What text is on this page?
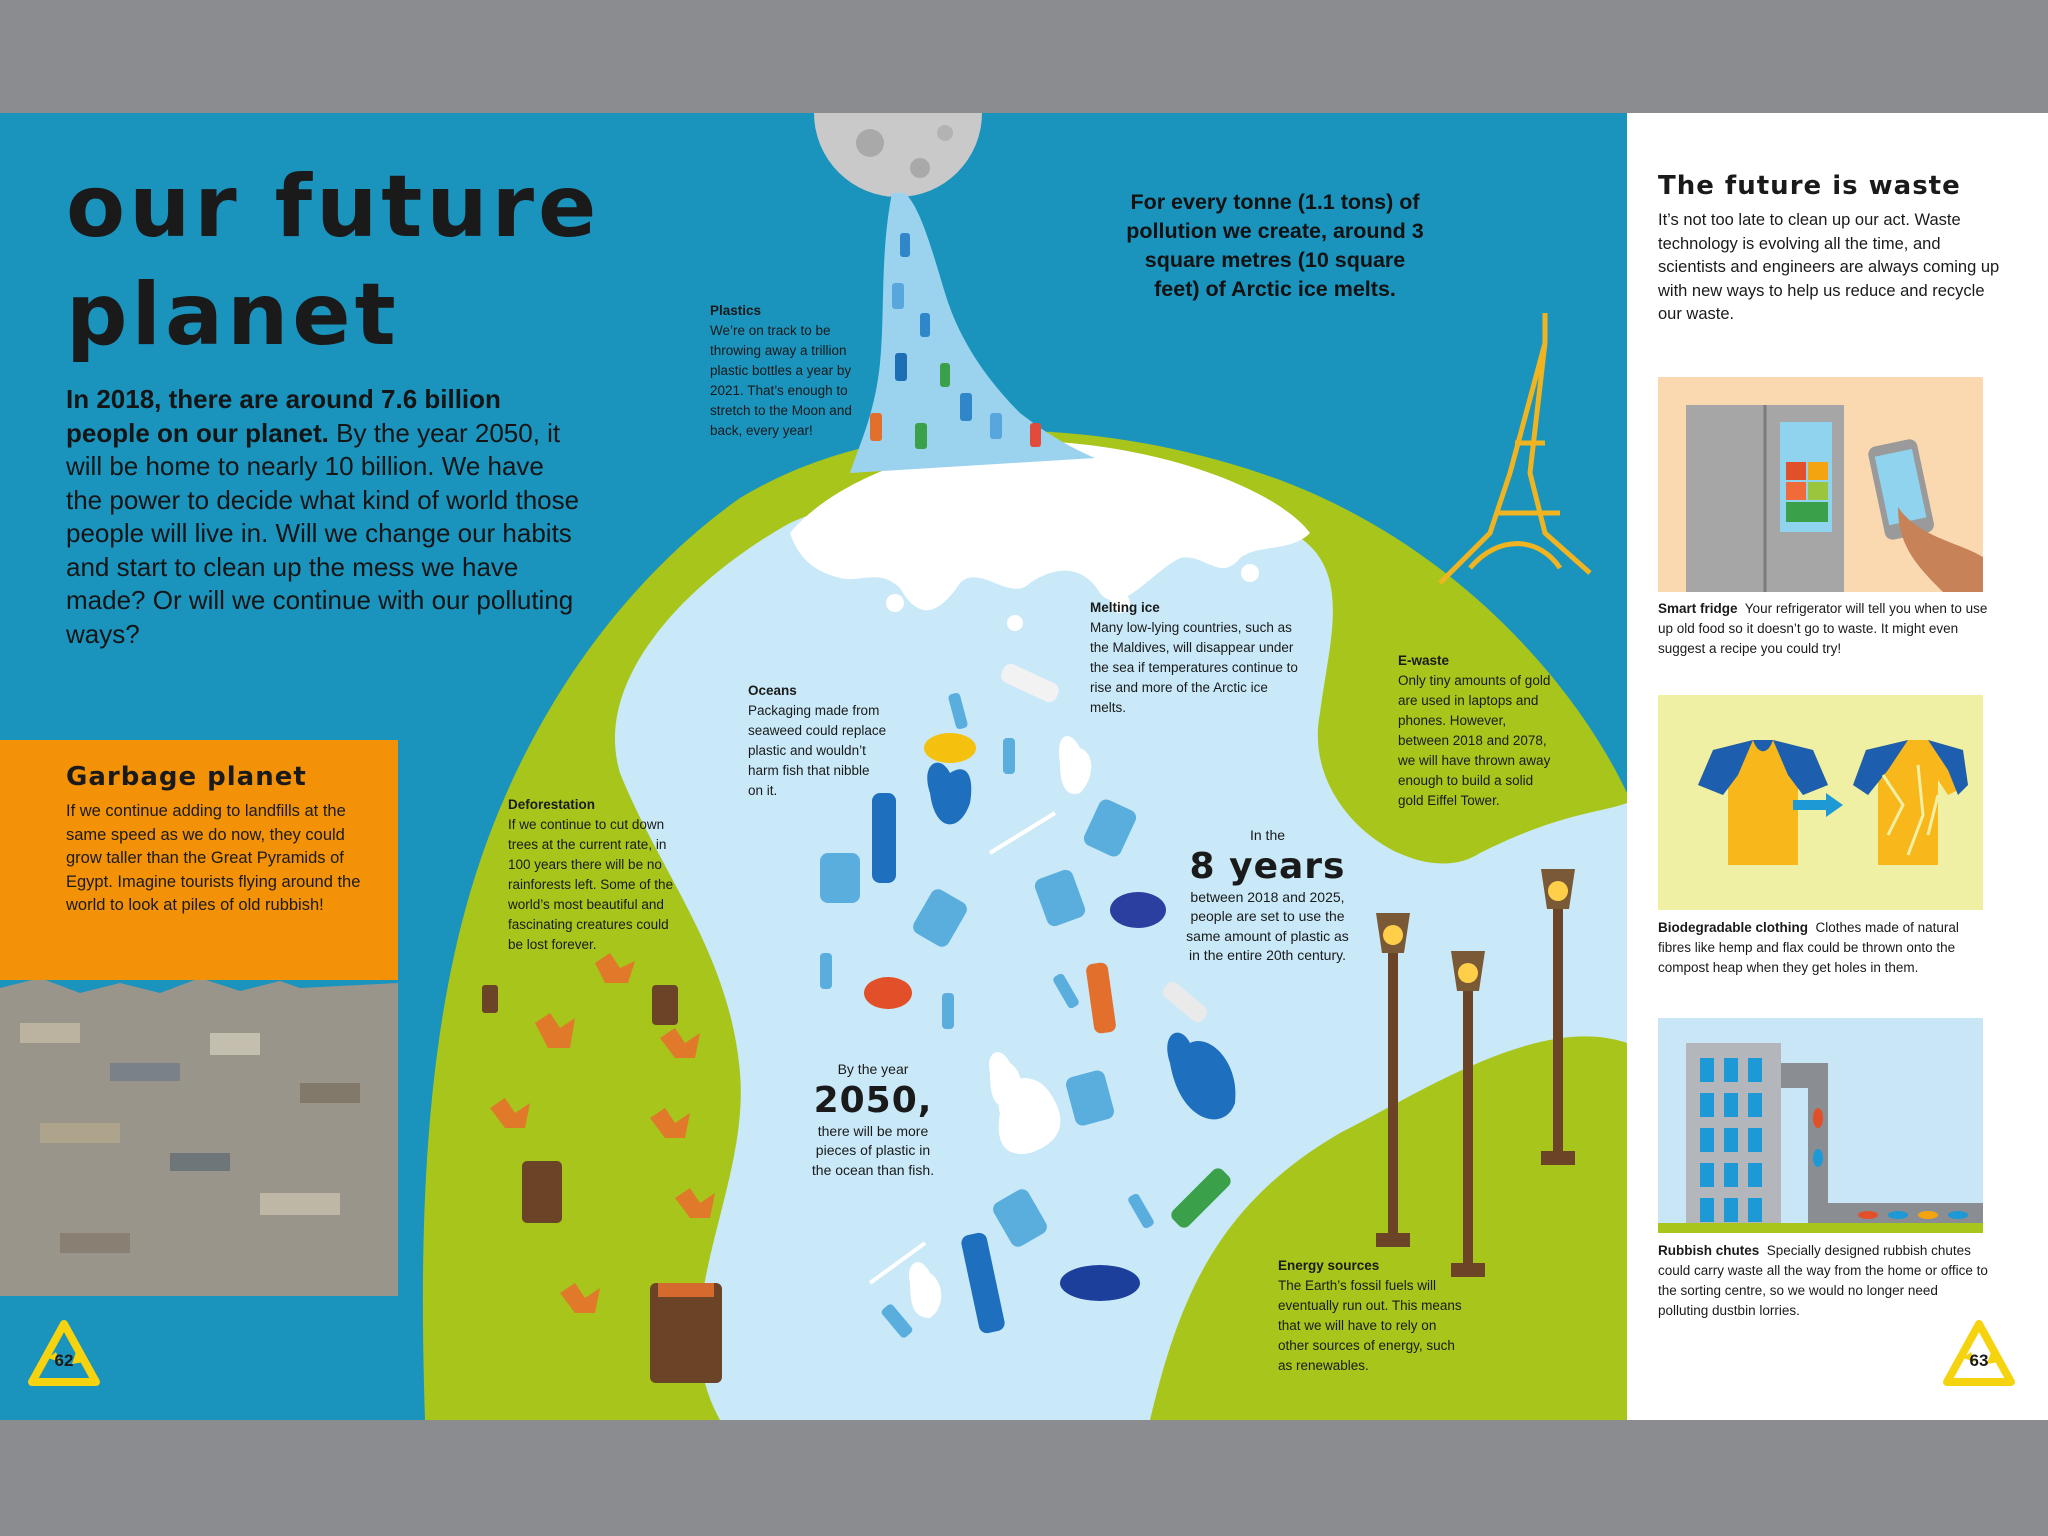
our future
planet
In 2018, there are around 7.6 billion people on our planet. By the year 2050, it will be home to nearly 10 billion. We have the power to decide what kind of world those people will live in. Will we change our habits and start to clean up the mess we have made? Or will we continue with our polluting ways?
Garbage planet
If we continue adding to landfills at the same speed as we do now, they could grow taller than the Great Pyramids of Egypt. Imagine tourists flying around the world to look at piles of old rubbish!
For every tonne (1.1 tons) of pollution we create, around 3 square metres (10 square feet) of Arctic ice melts.
Plastics
We’re on track to be throwing away a trillion plastic bottles a year by 2021. That’s enough to stretch to the Moon and back, every year!
Melting ice
Many low-lying countries, such as the Maldives, will disappear under the sea if temperatures continue to rise and more of the Arctic ice melts.
Oceans
Packaging made from seaweed could replace plastic and wouldn’t harm fish that nibble on it.
Deforestation
If we continue to cut down trees at the current rate, in 100 years there will be no rainforests left. Some of the world’s most beautiful and fascinating creatures could be lost forever.
E-waste
Only tiny amounts of gold are used in laptops and phones. However, between 2018 and 2078, we will have thrown away enough to build a solid gold Eiffel Tower.
Energy sources
The Earth’s fossil fuels will eventually run out. This means that we will have to rely on other sources of energy, such as renewables.
In the
8 years
between 2018 and 2025, people are set to use the same amount of plastic as in the entire 20th century.
By the year
2050,
there will be more pieces of plastic in the ocean than fish.
62
The future is waste
It’s not too late to clean up our act. Waste technology is evolving all the time, and scientists and engineers are always coming up with new ways to help us reduce and recycle our waste.
Smart fridge Your refrigerator will tell you when to use up old food so it doesn’t go to waste. It might even suggest a recipe you could try!
Biodegradable clothing Clothes made of natural fibres like hemp and flax could be thrown onto the compost heap when they get holes in them.
Rubbish chutes Specially designed rubbish chutes could carry waste all the way from the home or office to the sorting centre, so we would no longer need polluting dustbin lorries.
63
